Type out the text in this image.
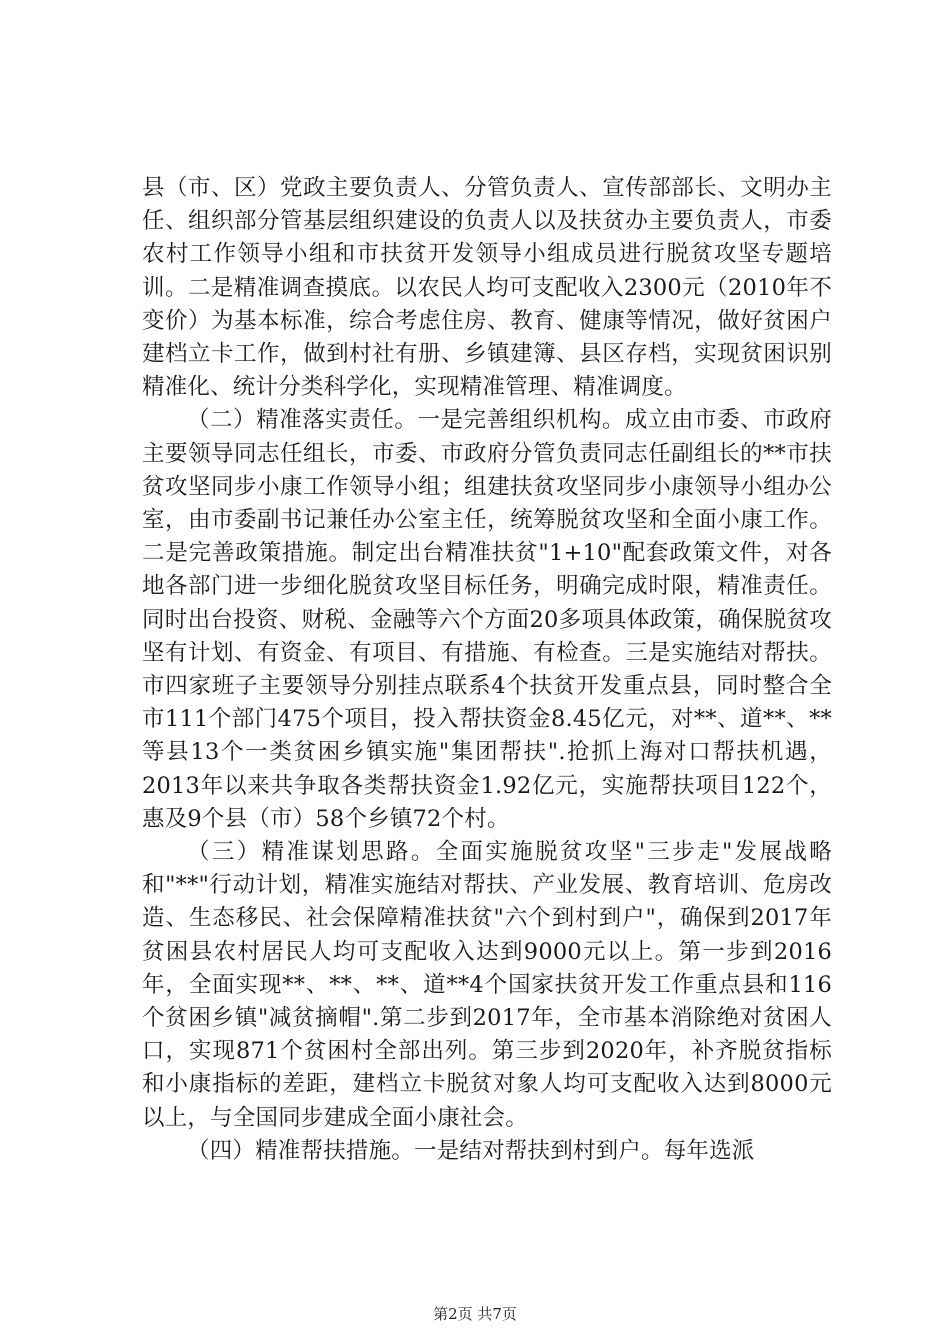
县（市、区）党政主要负责人、分管负责人、宣传部部长、文明办主任、组织部分管基层组织建设的负责人以及扶贫办主要负责人，市委农村工作领导小组和市扶贫开发领导小组成员进行脱贫攻坚专题培训。二是精准调查摸底。以农民人均可支配收入2300元（2010年不变价）为基本标准，综合考虑住房、教育、健康等情况，做好贫困户建档立卡工作，做到村社有册、乡镇建簿、县区存档，实现贫困识别精准化、统计分类科学化，实现精准管理、精准调度。

（二）精准落实责任。一是完善组织机构。成立由市委、市政府主要领导同志任组长，市委、市政府分管负责同志任副组长的**市扶贫攻坚同步小康工作领导小组；组建扶贫攻坚同步小康领导小组办公室，由市委副书记兼任办公室主任，统筹脱贫攻坚和全面小康工作。二是完善政策措施。制定出台精准扶贫"1+10"配套政策文件，对各地各部门进一步细化脱贫攻坚目标任务，明确完成时限，精准责任。同时出台投资、财税、金融等六个方面20多项具体政策，确保脱贫攻坚有计划、有资金、有项目、有措施、有检查。三是实施结对帮扶。市四家班子主要领导分别挂点联系4个扶贫开发重点县，同时整合全市111个部门475个项目，投入帮扶资金8.45亿元，对**、道**、**等县13个一类贫困乡镇实施"集团帮扶".抢抓上海对口帮扶机遇，2013年以来共争取各类帮扶资金1.92亿元，实施帮扶项目122个，惠及9个县（市）58个乡镇72个村。

（三）精准谋划思路。全面实施脱贫攻坚"三步走"发展战略和"**"行动计划，精准实施结对帮扶、产业发展、教育培训、危房改造、生态移民、社会保障精准扶贫"六个到村到户"，确保到2017年贫困县农村居民人均可支配收入达到9000元以上。第一步到2016年，全面实现**、**、**、道**4个国家扶贫开发工作重点县和116个贫困乡镇"减贫摘帽".第二步到2017年，全市基本消除绝对贫困人口，实现871个贫困村全部出列。第三步到2020年，补齐脱贫指标和小康指标的差距，建档立卡脱贫对象人均可支配收入达到8000元以上，与全国同步建成全面小康社会。

（四）精准帮扶措施。一是结对帮扶到村到户。每年选派

第2页 共7页
